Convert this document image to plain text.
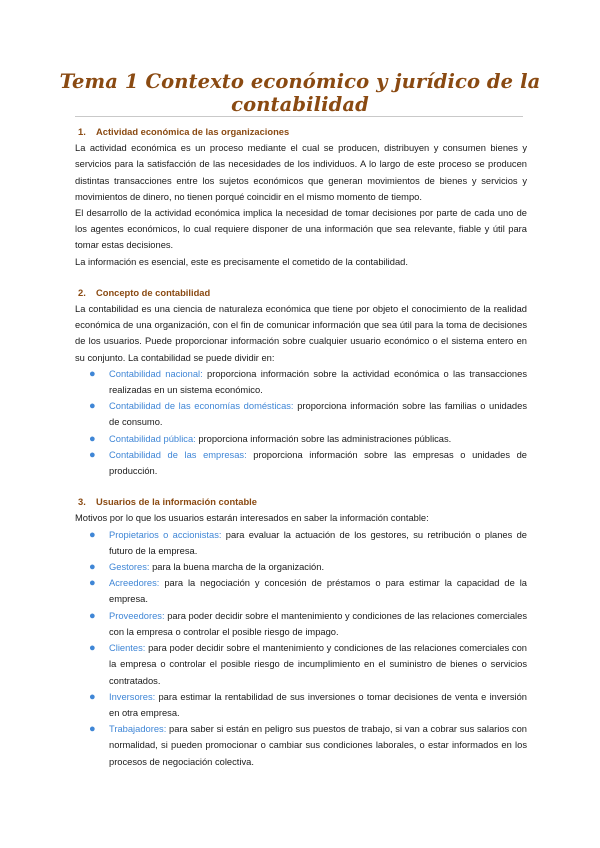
Tema 1 Contexto económico y jurídico de la contabilidad

1. Actividad económica de las organizaciones

La actividad económica es un proceso mediante el cual se producen, distribuyen y consumen bienes y servicios para la satisfacción de las necesidades de los individuos. A lo largo de este proceso se producen distintas transacciones entre los sujetos económicos que generan movimientos de bienes y servicios y movimientos de dinero, no tienen porqué coincidir en el mismo momento de tiempo.

El desarrollo de la actividad económica implica la necesidad de tomar decisiones por parte de cada uno de los agentes económicos, lo cual requiere disponer de una información que sea relevante, fiable y útil para tomar estas decisiones.

La información es esencial, este es precisamente el cometido de la contabilidad.

2. Concepto de contabilidad

La contabilidad es una ciencia de naturaleza económica que tiene por objeto el conocimiento de la realidad económica de una organización, con el fin de comunicar información que sea útil para la toma de decisiones de los usuarios. Puede proporcionar información sobre cualquier usuario económico o el sistema entero en su conjunto. La contabilidad se puede dividir en:

● Contabilidad nacional: proporciona información sobre la actividad económica o las transacciones realizadas en un sistema económico.
● Contabilidad de las economías domésticas: proporciona información sobre las familias o unidades de consumo.
● Contabilidad pública: proporciona información sobre las administraciones públicas.
● Contabilidad de las empresas: proporciona información sobre las empresas o unidades de producción.

3. Usuarios de la información contable

Motivos por lo que los usuarios estarán interesados en saber la información contable:

● Propietarios o accionistas: para evaluar la actuación de los gestores, su retribución o planes de futuro de la empresa.
● Gestores: para la buena marcha de la organización.
● Acreedores: para la negociación y concesión de préstamos o para estimar la capacidad de la empresa.
● Proveedores: para poder decidir sobre el mantenimiento y condiciones de las relaciones comerciales con la empresa o controlar el posible riesgo de impago.
● Clientes: para poder decidir sobre el mantenimiento y condiciones de las relaciones comerciales con la empresa o controlar el posible riesgo de incumplimiento en el suministro de bienes o servicios contratados.
● Inversores: para estimar la rentabilidad de sus inversiones o tomar decisiones de venta e inversión en otra empresa.
● Trabajadores: para saber si están en peligro sus puestos de trabajo, si van a cobrar sus salarios con normalidad, si pueden promocionar o cambiar sus condiciones laborales, o estar informados en los procesos de negociación colectiva.
